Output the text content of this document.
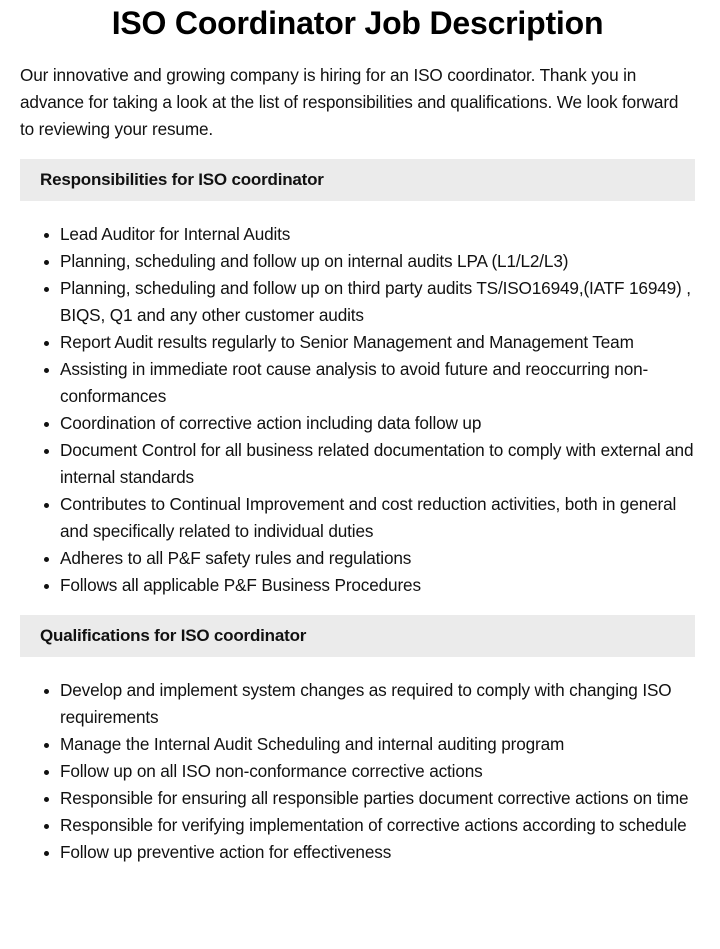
ISO Coordinator Job Description

Our innovative and growing company is hiring for an ISO coordinator. Thank you in advance for taking a look at the list of responsibilities and qualifications. We look forward to reviewing your resume.

Responsibilities for ISO coordinator
Lead Auditor for Internal Audits
Planning, scheduling and follow up on internal audits LPA (L1/L2/L3)
Planning, scheduling and follow up on third party audits TS/ISO16949,(IATF 16949) , BIQS, Q1 and any other customer audits
Report Audit results regularly to Senior Management and Management Team
Assisting in immediate root cause analysis to avoid future and reoccurring non-conformances
Coordination of corrective action including data follow up
Document Control for all business related documentation to comply with external and internal standards
Contributes to Continual Improvement and cost reduction activities, both in general and specifically related to individual duties
Adheres to all P&F safety rules and regulations
Follows all applicable P&F Business Procedures
Qualifications for ISO coordinator
Develop and implement system changes as required to comply with changing ISO requirements
Manage the Internal Audit Scheduling and internal auditing program
Follow up on all ISO non-conformance corrective actions
Responsible for ensuring all responsible parties document corrective actions on time
Responsible for verifying implementation of corrective actions according to schedule
Follow up preventive action for effectiveness
